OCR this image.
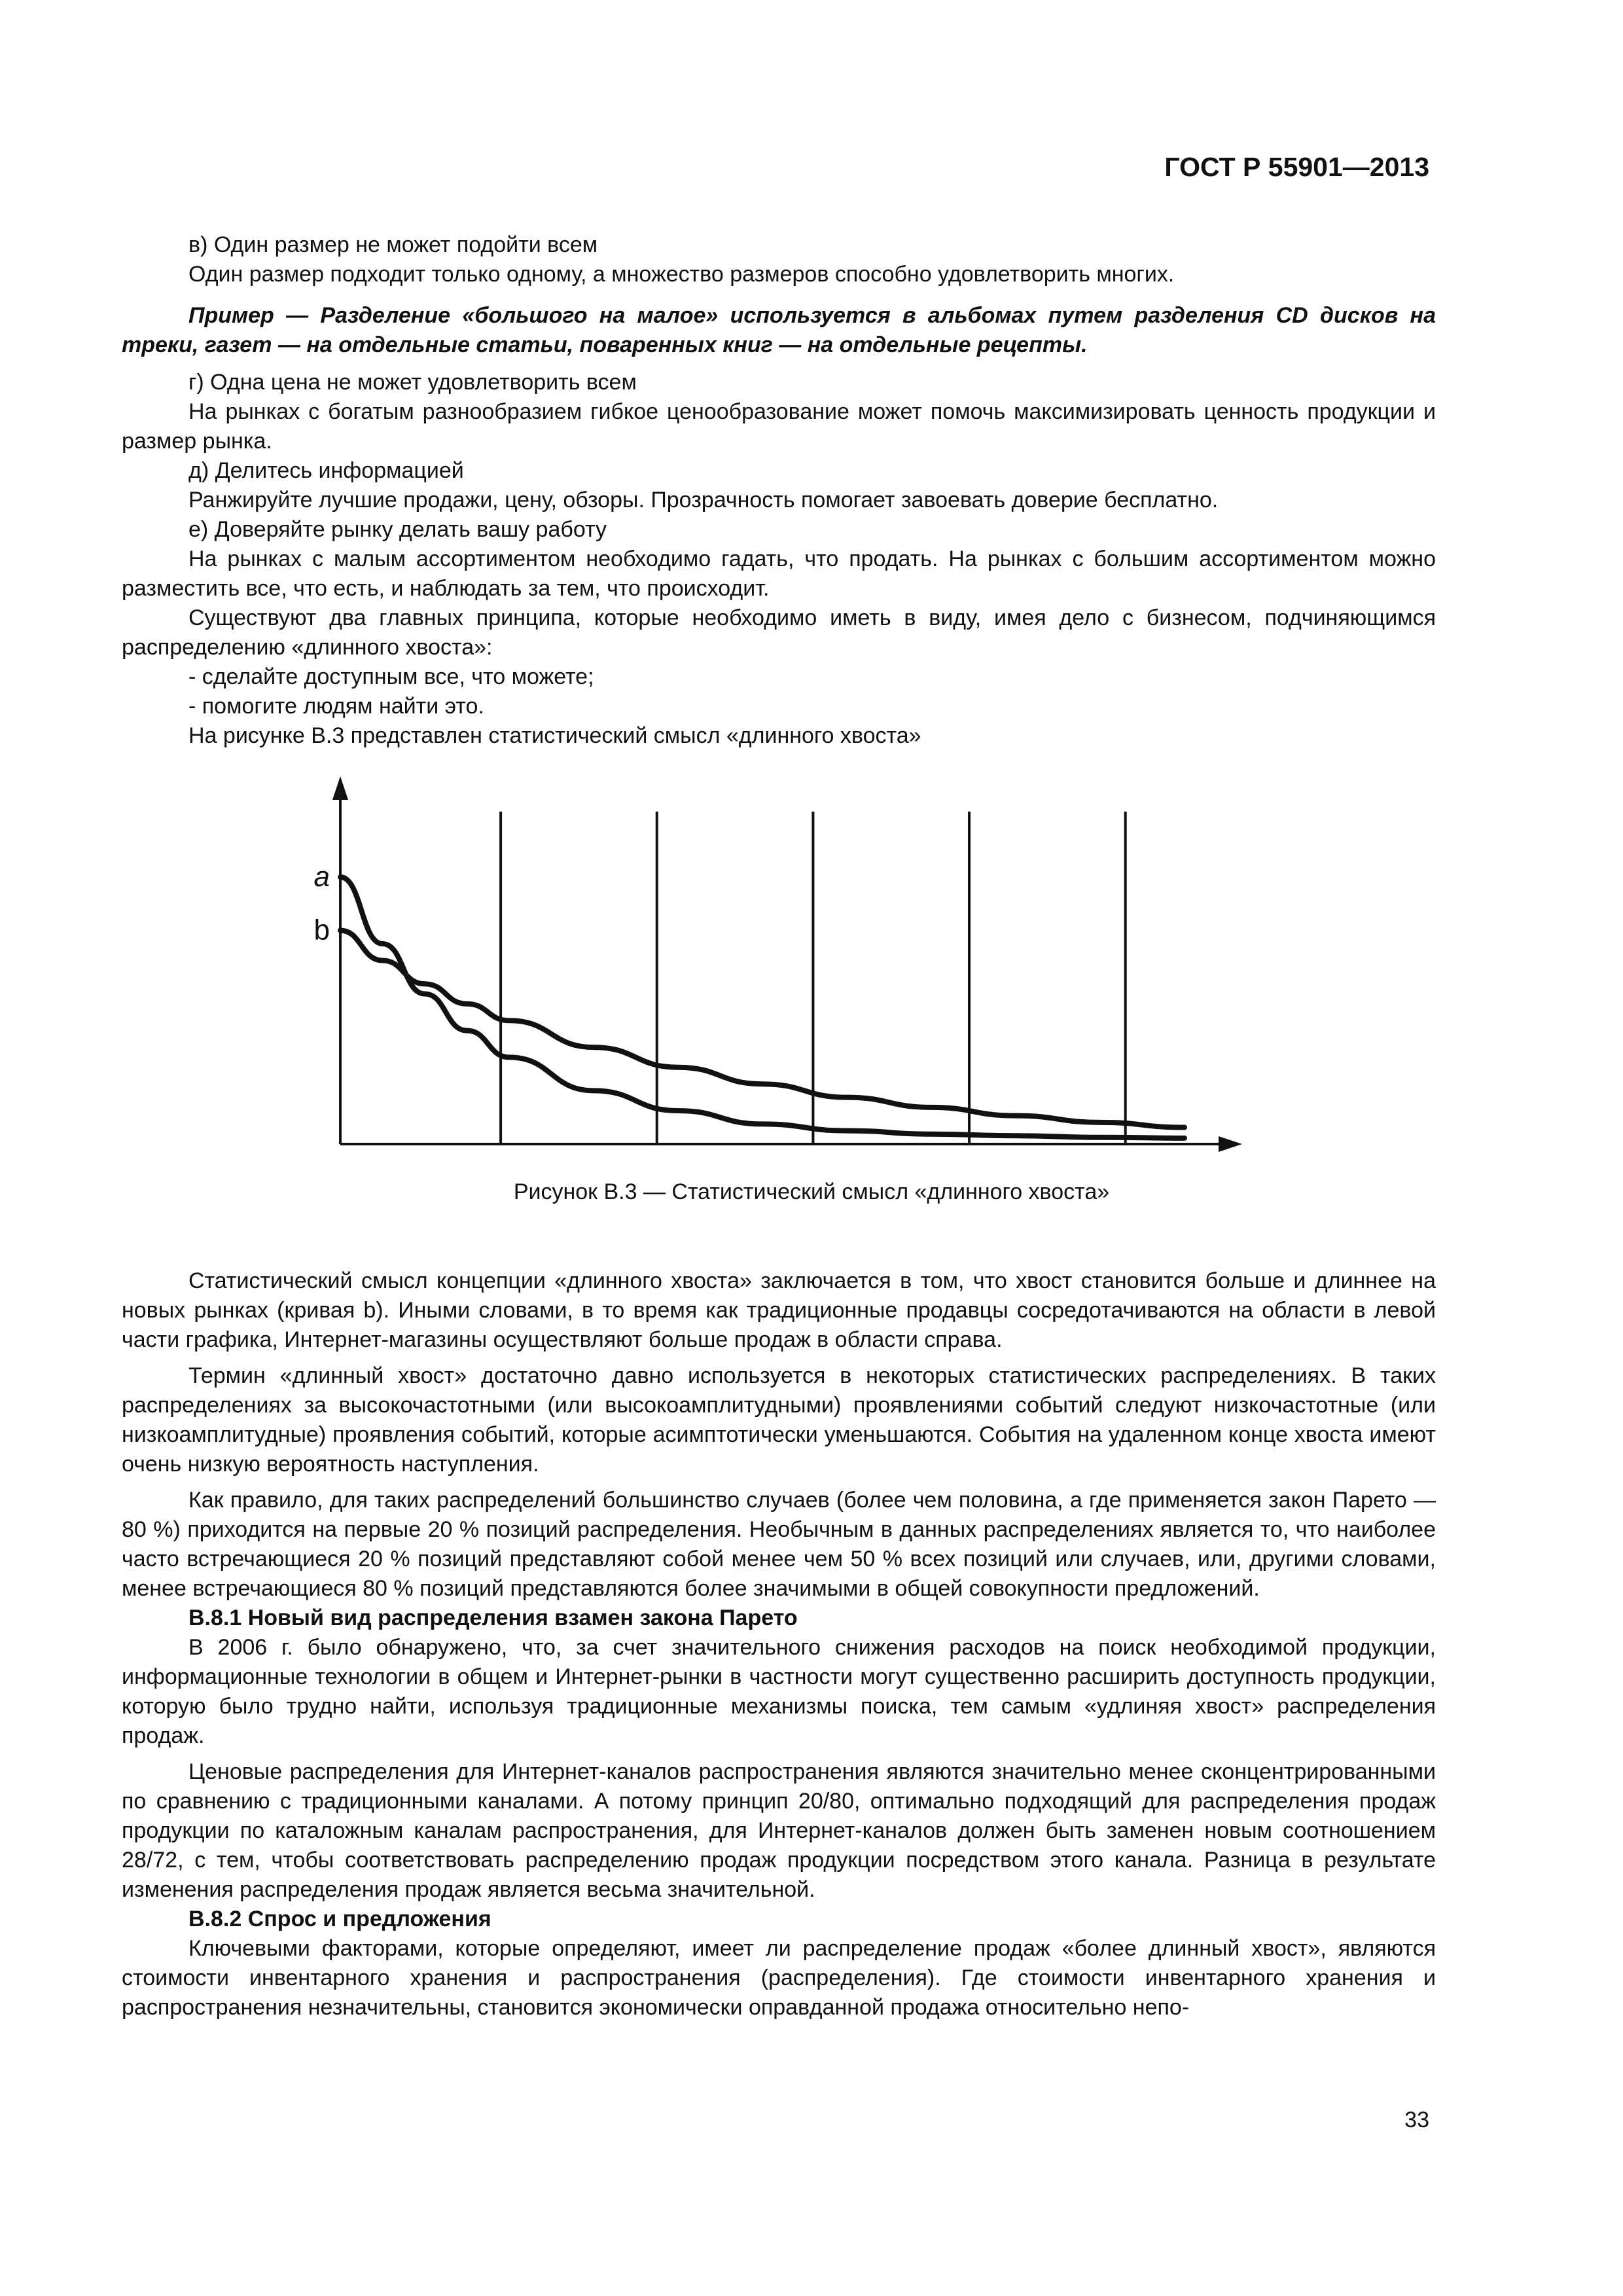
ГОСТ Р 55901—2013

в) Один размер не может подойти всем

Один размер подходит только одному, а множество размеров способно удовлетворить многих.

Пример — Разделение «большого на малое» используется в альбомах путем разделения CD дисков на треки, газет — на отдельные статьи, поваренных книг — на отдельные рецепты.

г) Одна цена не может удовлетворить всем

На рынках с богатым разнообразием гибкое ценообразование может помочь максимизировать ценность продукции и размер рынка.

д) Делитесь информацией

Ранжируйте лучшие продажи, цену, обзоры. Прозрачность помогает завоевать доверие бесплатно.

е) Доверяйте рынку делать вашу работу

На рынках с малым ассортиментом необходимо гадать, что продать. На рынках с большим ассортиментом можно разместить все, что есть, и наблюдать за тем, что происходит.

Существуют два главных принципа, которые необходимо иметь в виду, имея дело с бизнесом, подчиняющимся распределению «длинного хвоста»:

- сделайте доступным все, что можете;

- помогите людям найти это.

На рисунке В.3 представлен статистический смысл «длинного хвоста»

a
b
Рисунок В.3 — Статистический смысл «длинного хвоста»

Статистический смысл концепции «длинного хвоста» заключается в том, что хвост становится больше и длиннее на новых рынках (кривая b). Иными словами, в то время как традиционные продавцы сосредотачиваются на области в левой части графика, Интернет-магазины осуществляют больше продаж в области справа.

Термин «длинный хвост» достаточно давно используется в некоторых статистических распределениях. В таких распределениях за высокочастотными (или высокоамплитудными) проявлениями событий следуют низкочастотные (или низкоамплитудные) проявления событий, которые асимптотически уменьшаются. События на удаленном конце хвоста имеют очень низкую вероятность наступления.

Как правило, для таких распределений большинство случаев (более чем половина, а где применяется закон Парето — 80 %) приходится на первые 20 % позиций распределения. Необычным в данных распределениях является то, что наиболее часто встречающиеся 20 % позиций представляют собой менее чем 50 % всех позиций или случаев, или, другими словами, менее встречающиеся 80 % позиций представляются более значимыми в общей совокупности предложений.

В.8.1 Новый вид распределения взамен закона Парето

В 2006 г. было обнаружено, что, за счет значительного снижения расходов на поиск необходимой продукции, информационные технологии в общем и Интернет-рынки в частности могут существенно расширить доступность продукции, которую было трудно найти, используя традиционные механизмы поиска, тем самым «удлиняя хвост» распределения продаж.

Ценовые распределения для Интернет-каналов распространения являются значительно менее сконцентрированными по сравнению с традиционными каналами. А потому принцип 20/80, оптимально подходящий для распределения продаж продукции по каталожным каналам распространения, для Интернет-каналов должен быть заменен новым соотношением 28/72, с тем, чтобы соответствовать распределению продаж продукции посредством этого канала. Разница в результате изменения распределения продаж является весьма значительной.

В.8.2 Спрос и предложения

Ключевыми факторами, которые определяют, имеет ли распределение продаж «более длинный хвост», являются стоимости инвентарного хранения и распространения (распределения). Где стоимости инвентарного хранения и распространения незначительны, становится экономически оправданной продажа относительно непо-

33
